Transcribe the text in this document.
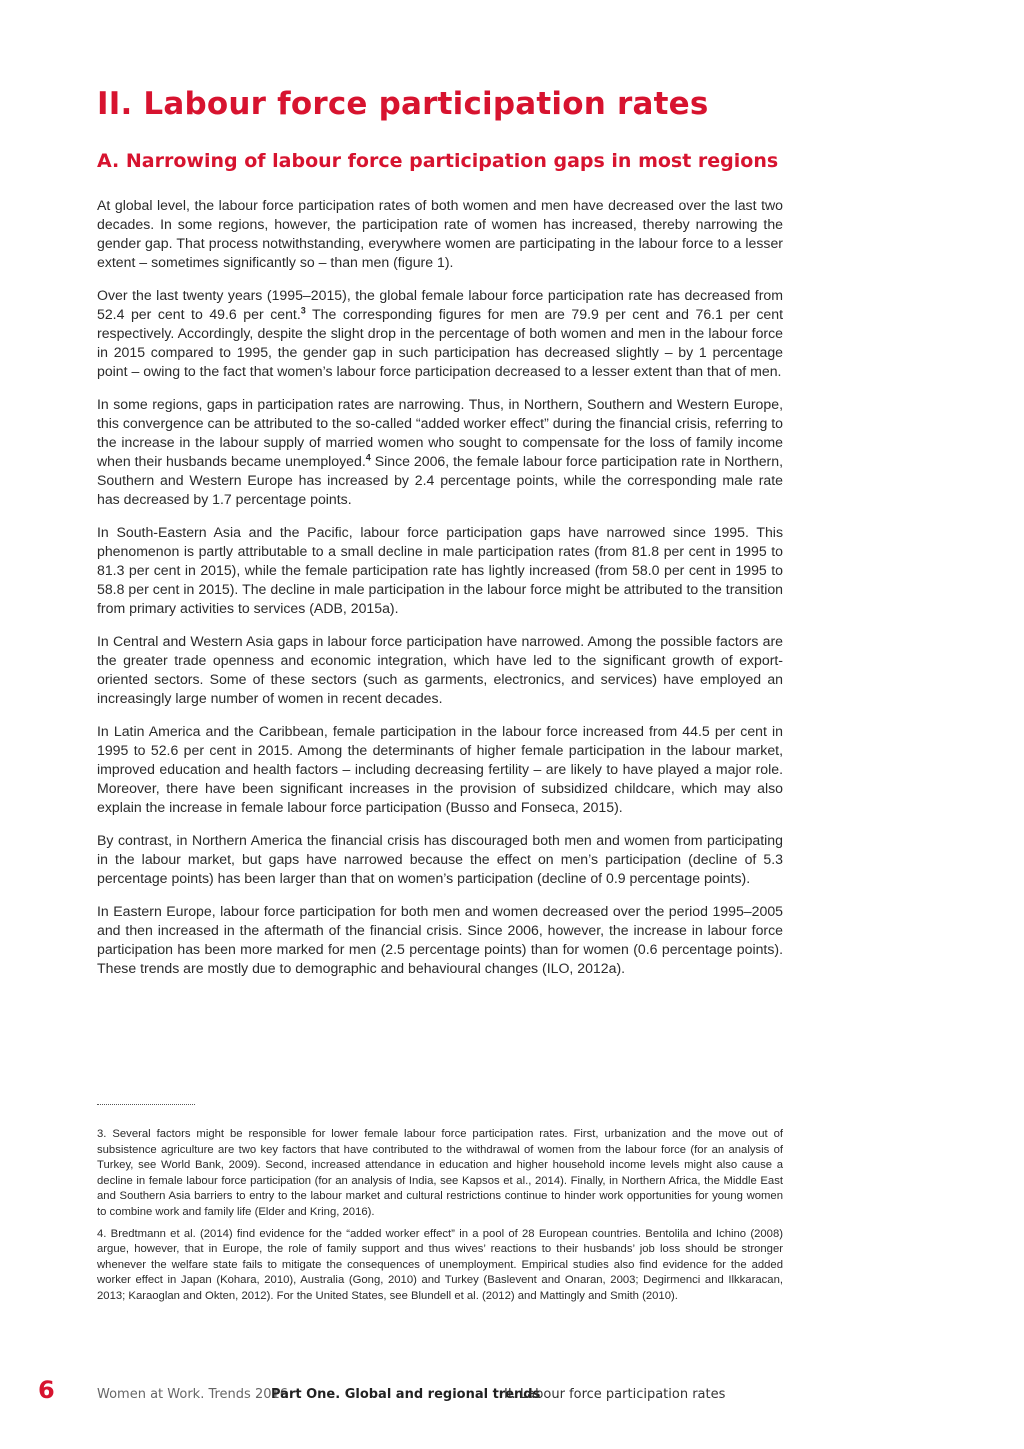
II. Labour force participation rates
A. Narrowing of labour force participation gaps in most regions

At global level, the labour force participation rates of both women and men have decreased over the last two decades. In some regions, however, the participation rate of women has increased, thereby narrowing the gender gap. That process notwithstanding, everywhere women are participating in the labour force to a lesser extent – sometimes significantly so – than men (figure 1).

Over the last twenty years (1995–2015), the global female labour force participation rate has decreased from 52.4 per cent to 49.6 per cent.$^3$ The corresponding figures for men are 79.9 per cent and 76.1 per cent respectively. Accordingly, despite the slight drop in the percentage of both women and men in the labour force in 2015 compared to 1995, the gender gap in such participation has decreased slightly – by 1 percentage point – owing to the fact that women’s labour force participation decreased to a lesser extent than that of men.

In some regions, gaps in participation rates are narrowing. Thus, in Northern, Southern and Western Europe, this convergence can be attributed to the so-called “added worker effect” during the financial crisis, referring to the increase in the labour supply of married women who sought to compensate for the loss of family income when their husbands became unemployed.$^4$ Since 2006, the female labour force participation rate in Northern, Southern and Western Europe has increased by 2.4 percentage points, while the corresponding male rate has decreased by 1.7 percentage points.

In South-Eastern Asia and the Pacific, labour force participation gaps have narrowed since 1995. This phenomenon is partly attributable to a small decline in male participation rates (from 81.8 per cent in 1995 to 81.3 per cent in 2015), while the female participation rate has lightly increased (from 58.0 per cent in 1995 to 58.8 per cent in 2015). The decline in male participation in the labour force might be attributed to the transition from primary activities to services (ADB, 2015a).

In Central and Western Asia gaps in labour force participation have narrowed. Among the possible factors are the greater trade openness and economic integration, which have led to the significant growth of export-oriented sectors. Some of these sectors (such as garments, electronics, and services) have employed an increasingly large number of women in recent decades.

In Latin America and the Caribbean, female participation in the labour force increased from 44.5 per cent in 1995 to 52.6 per cent in 2015. Among the determinants of higher female participation in the labour market, improved education and health factors – including decreasing fertility – are likely to have played a major role. Moreover, there have been significant increases in the provision of subsidized childcare, which may also explain the increase in female labour force participation (Busso and Fonseca, 2015).

By contrast, in Northern America the financial crisis has discouraged both men and women from participating in the labour market, but gaps have narrowed because the effect on men’s participation (decline of 5.3 percentage points) has been larger than that on women’s participation (decline of 0.9 percentage points).

In Eastern Europe, labour force participation for both men and women decreased over the period 1995–2005 and then increased in the aftermath of the financial crisis. Since 2006, however, the increase in labour force participation has been more marked for men (2.5 percentage points) than for women (0.6 percentage points). These trends are mostly due to demographic and behavioural changes (ILO, 2012a).

3. Several factors might be responsible for lower female labour force participation rates. First, urbanization and the move out of subsistence agriculture are two key factors that have contributed to the withdrawal of women from the labour force (for an analysis of Turkey, see World Bank, 2009). Second, increased attendance in education and higher household income levels might also cause a decline in female labour force participation (for an analysis of India, see Kapsos et al., 2014). Finally, in Northern Africa, the Middle East and Southern Asia barriers to entry to the labour market and cultural restrictions continue to hinder work opportunities for young women to combine work and family life (Elder and Kring, 2016).

4. Bredtmann et al. (2014) find evidence for the “added worker effect” in a pool of 28 European countries. Bentolila and Ichino (2008) argue, however, that in Europe, the role of family support and thus wives’ reactions to their husbands’ job loss should be stronger whenever the welfare state fails to mitigate the consequences of unemployment. Empirical studies also find evidence for the added worker effect in Japan (Kohara, 2010), Australia (Gong, 2010) and Turkey (Baslevent and Onaran, 2003; Degirmenci and Ilkkaracan, 2013; Karaoglan and Okten, 2012). For the United States, see Blundell et al. (2012) and Mattingly and Smith (2010).

6	Women at Work. Trends 2016
Part One. Global and regional trends
II. Labour force participation rates
